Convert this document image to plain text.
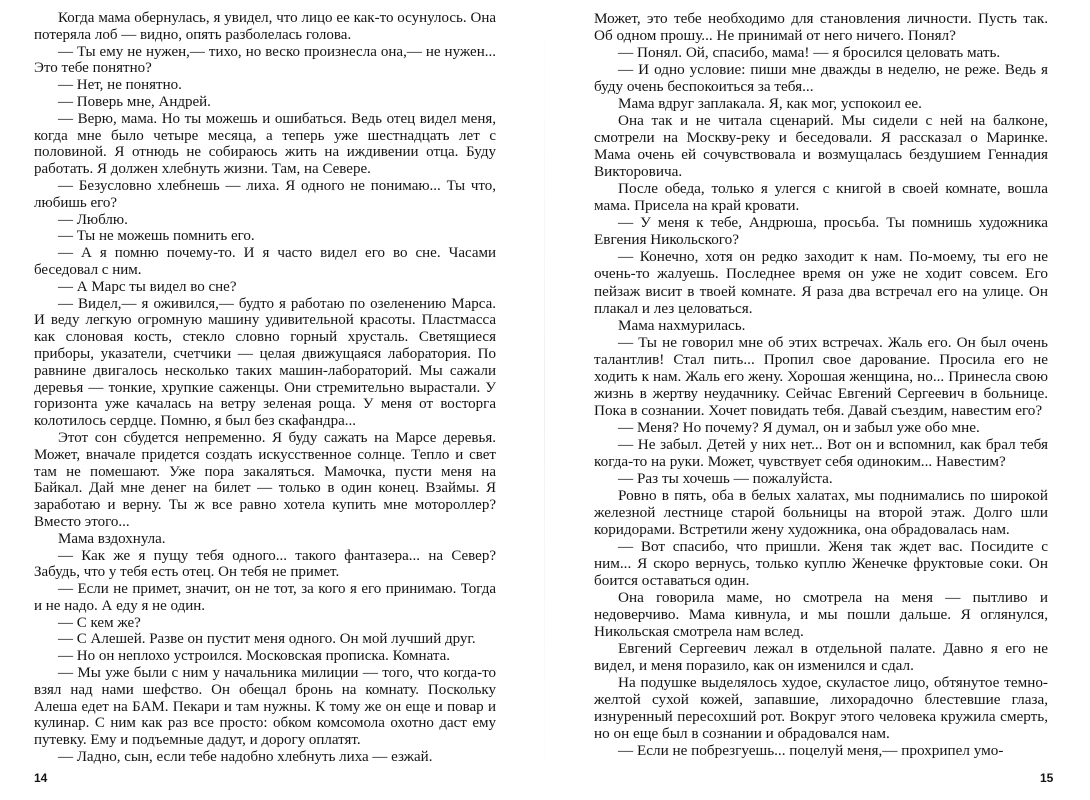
Когда мама обернулась, я увидел, что лицо ее как-то осунулось. Она потеряла лоб — видно, опять разболелась голова.

— Ты ему не нужен,— тихо, но веско произнесла она,— не нужен... Это тебе понятно?

— Нет, не понятно.

— Поверь мне, Андрей.

— Верю, мама. Но ты можешь и ошибаться. Ведь отец видел меня, когда мне было четыре месяца, а теперь уже шестнадцать лет с половиной. Я отнюдь не собираюсь жить на иждивении отца. Буду работать. Я должен хлебнуть жизни. Там, на Севере.

— Безусловно хлебнешь — лиха. Я одного не понимаю... Ты что, любишь его?

— Люблю.

— Ты не можешь помнить его.

— А я помню почему-то. И я часто видел его во сне. Часами беседовал с ним.

— А Марс ты видел во сне?

— Видел,— я оживился,— будто я работаю по озеленению Марса. И веду легкую огромную машину удивительной красоты. Пластмасса как слоновая кость, стекло словно горный хрусталь. Светящиеся приборы, указатели, счетчики — целая движущаяся лаборатория. По равнине двигалось несколько таких машин-лабораторий. Мы сажали деревья — тонкие, хрупкие саженцы. Они стремительно вырастали. У горизонта уже качалась на ветру зеленая роща. У меня от восторга колотилось сердце. Помню, я был без скафандра...

Этот сон сбудется непременно. Я буду сажать на Марсе деревья. Может, вначале придется создать искусственное солнце. Тепло и свет там не помешают. Уже пора закаляться. Мамочка, пусти меня на Байкал. Дай мне денег на билет — только в один конец. Взаймы. Я заработаю и верну. Ты ж все равно хотела купить мне мотороллер? Вместо этого...

Мама вздохнула.

— Как же я пущу тебя одного... такого фантазера... на Север? Забудь, что у тебя есть отец. Он тебя не примет.

— Если не примет, значит, он не тот, за кого я его принимаю. Тогда и не надо. А еду я не один.

— С кем же?

— С Алешей. Разве он пустит меня одного. Он мой лучший друг.

— Но он неплохо устроился. Московская прописка. Комната.

— Мы уже были с ним у начальника милиции — того, что когда-то взял над нами шефство. Он обещал бронь на комнату. Поскольку Алеша едет на БАМ. Пекари и там нужны. К тому же он еще и повар и кулинар. С ним как раз все просто: обком комсомола охотно даст ему путевку. Ему и подъемные дадут, и дорогу оплатят.

— Ладно, сын, если тебе надобно хлебнуть лиха — езжай.

14

Может, это тебе необходимо для становления личности. Пусть так. Об одном прошу... Не принимай от него ничего. Понял?

— Понял. Ой, спасибо, мама! — я бросился целовать мать.

— И одно условие: пиши мне дважды в неделю, не реже. Ведь я буду очень беспокоиться за тебя...

Мама вдруг заплакала. Я, как мог, успокоил ее.

Она так и не читала сценарий. Мы сидели с ней на балконе, смотрели на Москву-реку и беседовали. Я рассказал о Маринке. Мама очень ей сочувствовала и возмущалась бездушием Геннадия Викторовича.

После обеда, только я улегся с книгой в своей комнате, вошла мама. Присела на край кровати.

— У меня к тебе, Андрюша, просьба. Ты помнишь художника Евгения Никольского?

— Конечно, хотя он редко заходит к нам. По-моему, ты его не очень-то жалуешь. Последнее время он уже не ходит совсем. Его пейзаж висит в твоей комнате. Я раза два встречал его на улице. Он плакал и лез целоваться.

Мама нахмурилась.

— Ты не говорил мне об этих встречах. Жаль его. Он был очень талантлив! Стал пить... Пропил свое дарование. Просила его не ходить к нам. Жаль его жену. Хорошая женщина, но... Принесла свою жизнь в жертву неудачнику. Сейчас Евгений Сергеевич в больнице. Пока в сознании. Хочет повидать тебя. Давай съездим, навестим его?

— Меня? Но почему? Я думал, он и забыл уже обо мне.

— Не забыл. Детей у них нет... Вот он и вспомнил, как брал тебя когда-то на руки. Может, чувствует себя одиноким... Навестим?

— Раз ты хочешь — пожалуйста.

Ровно в пять, оба в белых халатах, мы поднимались по широкой железной лестнице старой больницы на второй этаж. Долго шли коридорами. Встретили жену художника, она обрадовалась нам.

— Вот спасибо, что пришли. Женя так ждет вас. Посидите с ним... Я скоро вернусь, только куплю Женечке фруктовые соки. Он боится оставаться один.

Она говорила маме, но смотрела на меня — пытливо и недоверчиво. Мама кивнула, и мы пошли дальше. Я оглянулся, Никольская смотрела нам вслед.

Евгений Сергеевич лежал в отдельной палате. Давно я его не видел, и меня поразило, как он изменился и сдал.

На подушке выделялось худое, скуластое лицо, обтянутое темно-желтой сухой кожей, запавшие, лихорадочно блестевшие глаза, изнуренный пересохший рот. Вокруг этого человека кружила смерть, но он еще был в сознании и обрадовался нам.

— Если не побрезгуешь... поцелуй меня,— прохрипел умо-

15
